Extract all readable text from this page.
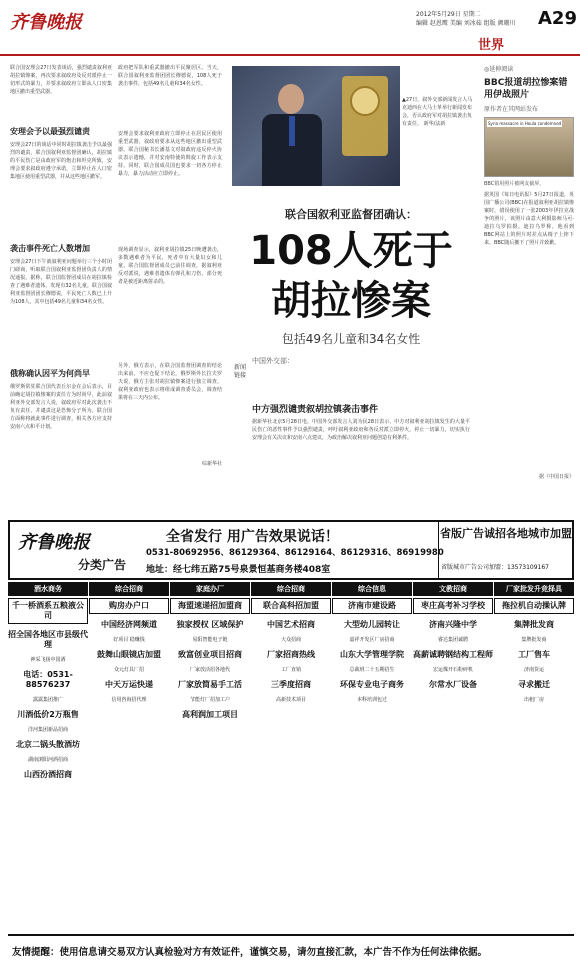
齐鲁晚报	2012年5月29日 星期二
编辑 赵恩鹰 美编 刘冰茹 组版 颜珊川 A29
世界
联合国安理会27日发表谈话，强烈谴责叙利亚胡拉镇惨案，再次要求叙政府及反对派停止一切形式的暴力，并要求叙政府立即从人口密集地区撤出重型武器。
安理会予以最强烈谴责
安理会27日的谈话中同时胡拉镇袭击予以最强烈的谴责，联合国叙利亚监督团确认，胡拉镇的平民伤亡是由政府军的炮击和坦克所致，安理会要求叙政府遵守承诺，立即停止在人口密集地区使用重型武器，并从这些地区撤军。
袭击事件死亡人数增加
安理会27日下午就叙利亚问题举行三个小时闭门磋商，听取联合国叙利亚监督团负责人的情况通报。据称，联合国监督团成员在胡拉镇检查了遇难者遗体，发现有32名儿童。联合国叙利亚监督团团长穆德说，平民死亡人数已上升为108人，其中包括49名儿童和34名女性。
俄称确认因平为何尚早
俄罗斯常驻联合国代表丘尔金在会后表示，目前确定胡拉镇惨案的责任方为时尚早，此前叙利亚外交部发言人说，叙政府军对此次袭击不负有责任，并谴责这是恐怖分子所为。联合国方面称将就此事件进行调查，相关各方应支持安南六点和平计划。
政府把军队和重武器撤出平民聚居区。当天，联合国叙利亚监督团团长穆德说，108人死于袭击事件，包括49名儿童和34名女性。
安理会要求叙利亚政府立即停止在居民区使用重型武器，叙政府要求从这些地区撤出重型武器，联合国秘书长潘基文对叙政府违反停火协议表示遗憾，并对安南特使的斡旋工作表示支持。同时，联合国成员国也要求一切各方停止暴力，暴力活动应立即停止。
现场调查显示，叙利亚胡拉镇25日晚遭袭击，多数遇难者为平民，死者中有大量妇女和儿童。联合国监督团成员已前往调查，据叙利亚反对派说，遇难者遗体有弹孔和刀伤，部分死者是被近距离射杀的。
另外，俄方表示，在联合国监督团调查的结论出来前，不应仓促下结论。俄罗斯外长拉夫罗夫说，俄方主张对胡拉镇惨案进行独立调查。叙利亚政府也表示将组成调查委员会，调查结果将在三天内公布。
综新华社
▲27日，叙外交部新闻发言人马克迪西在大马士革举行新闻发布会，否认政府军对胡拉镇袭击负有责任。 新华/法新
联合国叙利亚监督团确认：
108人死于
胡拉惨案
包括49名儿童和34名女性
新闻链接
中国外交部：
中方强烈谴责叙胡拉镇袭击事件
据新华社北京5月28日电，中国外交部发言人刘为民28日表示，中方对叙利亚胡拉镇发生的大量平民伤亡的恶性事件予以强烈谴责，呼吁叙利亚政府和各反对派立即停火，停止一切暴力，切实执行安理会有关决议和安南六点建议，为政治解决叙利亚问题创造有利条件。
◎延伸阅读
BBC报道胡拉惨案错用伊战照片
原作者在其网站发布
Syria massacre in Houla condemned
BBC错用照片被网友截屏。
据英国《每日电讯报》5月27日报道，英国广播公司(BBC)在报道叙利亚胡拉镇惨案时，错误使用了一张2003年伊拉克战争的照片，该照片由意大利摄影师马可·迪拉乌罗拍摄。迪拉乌罗称，他看到BBC网站上的照片时差点从椅子上摔下来。BBC随后撤下了照片并致歉。
据《中国日报》
齐鲁晚报
分类广告
全省发行 用广告效果说话！
0531-80692956、86129364、86129164、86129316、86919980
地址：经七纬五路75号泉景恒基商务楼408室
省版广告诚招各地城市加盟
省版城市广告公司加盟：13573109167
酒水商务
千一桥酒系五粮液公司
招全国各地区市县级代理
神采飞扬中国酒
电话：0531-88576237
露露集团推广
川酒低价2万瓶售
洋河集团新品招商
北京二锅头散酒坊
湖南浏阳河酒招商
山西汾酒招商
综合招商
购房办户口
中国经济网频道
好项目 稳赚钱
鼓舞山眼镜店加盟
众元灯具厂招
中天万运快递
信用咨询招代理
家庭办厂
海盟速递招加盟商
独家授权 区域保护
易阳智能电子链
致富创业项目招商
厂家放活招各地代
厂家放简易手工活
节能灯厂招加工户
高利润加工项目
综合招商
联合高科招加盟
中国艺术招商
大众招商
厂家招商热线
工厂直销
三季度招商
高新技术项目
综合信息
济南市建设路
大型幼儿园转让
嘉祥开发区厂房招商
山东大学管理学院
总裁班二十五期招生
环保专业电子商务
本科培训包过
文教招商
枣庄高考补习学校
济南兴隆中学
睿达集团诚聘
高薪诚聘钢结构工程师
宏运煤开石粉碎机
尔常水厂设备
厂家批发升竞择具
拖拉机自动操认牌
集牌批发商
集牌批发商
工厂售车
济南货运
寻求搬迁
出租厂房
友情提醒：使用信息请交易双方认真检验对方有效证件，谨慎交易，请勿直接汇款，本广告不作为任何法律依据。
